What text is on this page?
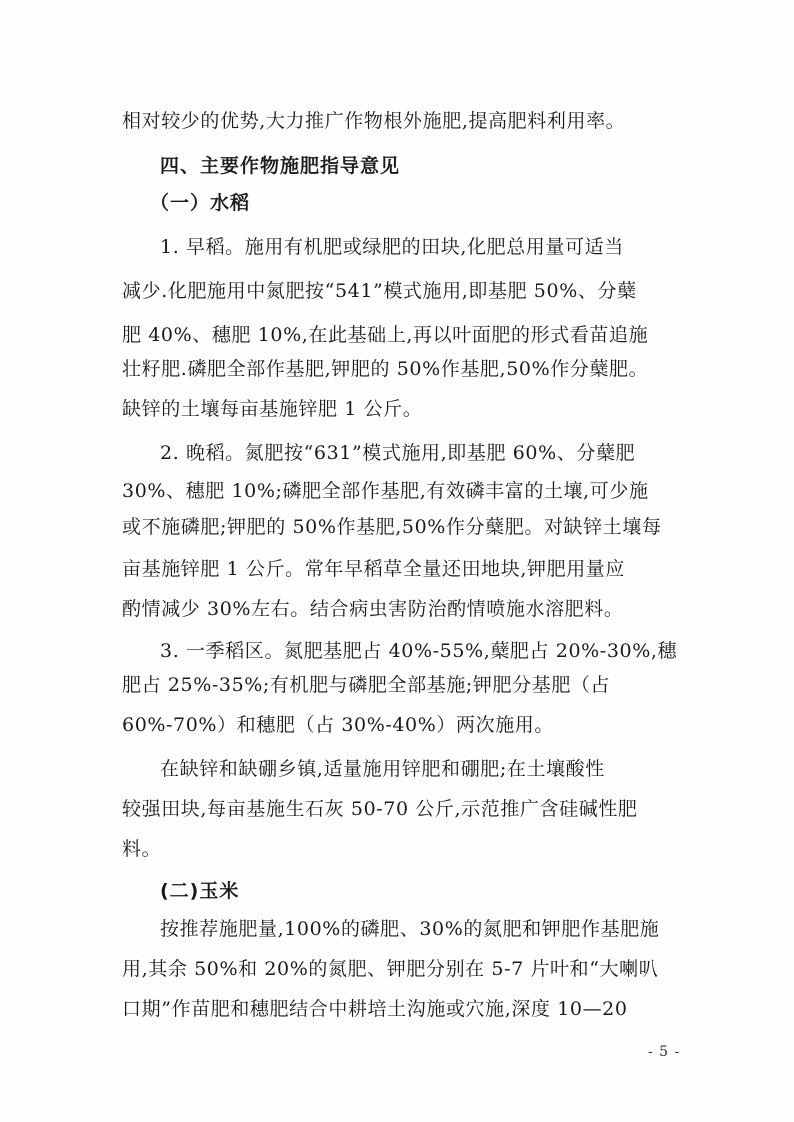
相对较少的优势,大力推广作物根外施肥,提高肥料利用率。
四、主要作物施肥指导意见
（一）水稻
1. 早稻。施用有机肥或绿肥的田块,化肥总用量可适当
减少.化肥施用中氮肥按“541”模式施用,即基肥 50%、分蘖
肥 40%、穗肥 10%,在此基础上,再以叶面肥的形式看苗追施
壮籽肥.磷肥全部作基肥,钾肥的 50%作基肥,50%作分蘖肥。
缺锌的土壤每亩基施锌肥 1 公斤。
2. 晚稻。氮肥按“631”模式施用,即基肥 60%、分蘖肥
30%、穗肥 10%;磷肥全部作基肥,有效磷丰富的土壤,可少施
或不施磷肥;钾肥的 50%作基肥,50%作分蘖肥。对缺锌土壤每
亩基施锌肥 1 公斤。常年早稻草全量还田地块,钾肥用量应
酌情减少 30%左右。结合病虫害防治酌情喷施水溶肥料。
3. 一季稻区。氮肥基肥占 40%-55%,蘖肥占 20%-30%,穗
肥占 25%-35%;有机肥与磷肥全部基施;钾肥分基肥（占
60%-70%）和穗肥（占 30%-40%）两次施用。
在缺锌和缺硼乡镇,适量施用锌肥和硼肥;在土壤酸性
较强田块,每亩基施生石灰 50-70 公斤,示范推广含硅碱性肥
料。
(二)玉米
按推荐施肥量,100%的磷肥、30%的氮肥和钾肥作基肥施
用,其余 50%和 20%的氮肥、钾肥分别在 5-7 片叶和“大喇叭
口期”作苗肥和穗肥结合中耕培土沟施或穴施,深度 10—20
- 5 -
